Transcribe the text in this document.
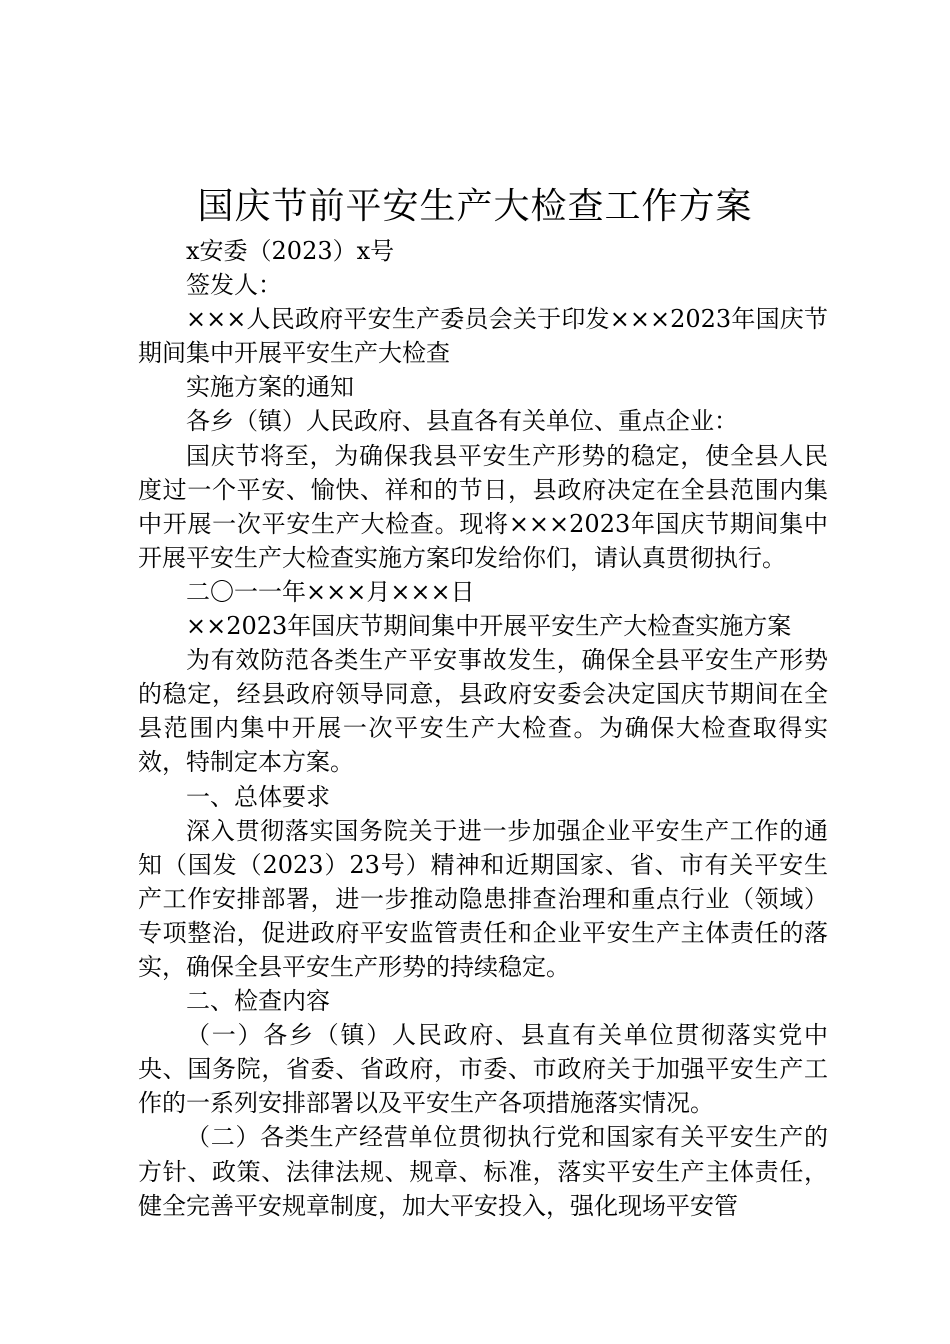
国庆节前平安生产大检查工作方案

x安委（2023）x号

签发人：

×××人民政府平安生产委员会关于印发×××2023年国庆节期间集中开展平安生产大检查

实施方案的通知

各乡（镇）人民政府、县直各有关单位、重点企业：

国庆节将至，为确保我县平安生产形势的稳定，使全县人民度过一个平安、愉快、祥和的节日，县政府决定在全县范围内集中开展一次平安生产大检查。现将×××2023年国庆节期间集中开展平安生产大检查实施方案印发给你们，请认真贯彻执行。

二〇一一年×××月×××日

××2023年国庆节期间集中开展平安生产大检查实施方案

为有效防范各类生产平安事故发生，确保全县平安生产形势的稳定，经县政府领导同意，县政府安委会决定国庆节期间在全县范围内集中开展一次平安生产大检查。为确保大检查取得实效，特制定本方案。

一、总体要求

深入贯彻落实国务院关于进一步加强企业平安生产工作的通知（国发（2023）23号）精神和近期国家、省、市有关平安生产工作安排部署，进一步推动隐患排查治理和重点行业（领域）专项整治，促进政府平安监管责任和企业平安生产主体责任的落实，确保全县平安生产形势的持续稳定。

二、检查内容

（一）各乡（镇）人民政府、县直有关单位贯彻落实党中央、国务院，省委、省政府，市委、市政府关于加强平安生产工作的一系列安排部署以及平安生产各项措施落实情况。

（二）各类生产经营单位贯彻执行党和国家有关平安生产的方针、政策、法律法规、规章、标准，落实平安生产主体责任，健全完善平安规章制度，加大平安投入，强化现场平安管
